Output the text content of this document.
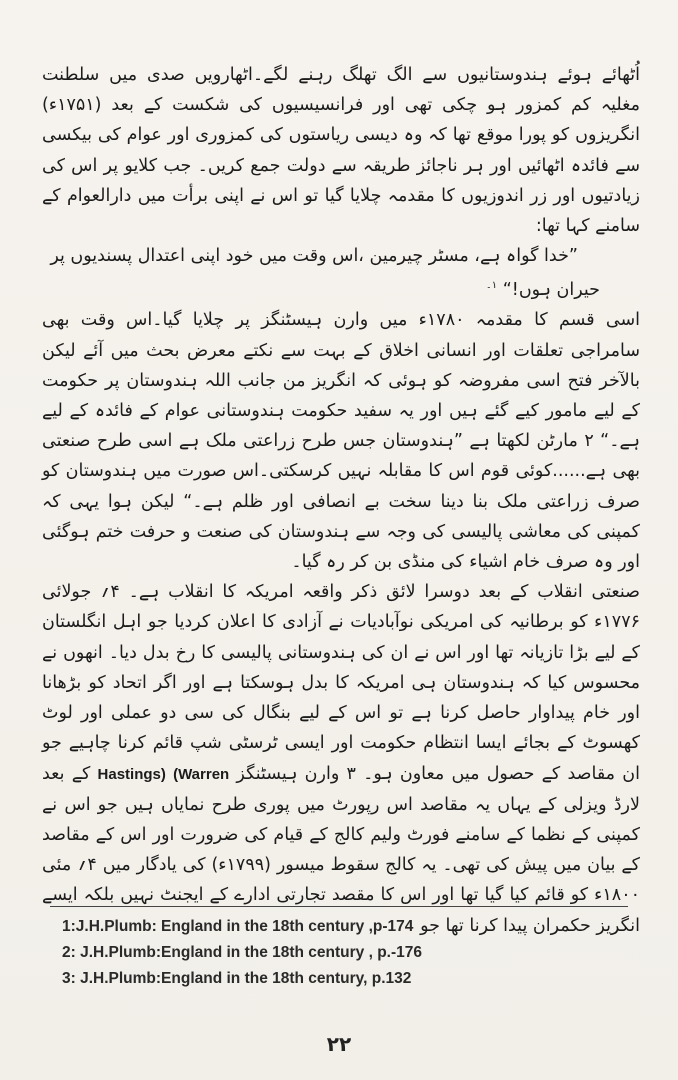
اُٹھائے ہوئے ہندوستانیوں سے الگ تھلگ رہنے لگے۔اٹھارویں صدی میں سلطنت مغلیہ کم کمزور ہو چکی تھی اور فرانسیسیوں کی شکست کے بعد (۱۷۵۱ء) انگریزوں کو پورا موقع تھا کہ وہ دیسی ریاستوں کی کمزوری اور عوام کی بیکسی سے فائدہ اٹھائیں اور ہر ناجائز طریقہ سے دولت جمع کریں۔ جب کلایو پر اس کی زیادتیوں اور زر اندوزیوں کا مقدمہ چلایا گیا تو اس نے اپنی برأت میں دارالعوام کے سامنے کہا تھا:

”خدا گواہ ہے، مسٹر چیرمین ،اس وقت میں خود اپنی اعتدال پسندیوں پر

حیران ہوں!“ $^{۱۔}$

اسی قسم کا مقدمہ ۱۷۸۰ء میں وارن ہیسٹنگز پر چلایا گیا۔اس وقت بھی سامراجی تعلقات اور انسانی اخلاق کے بہت سے نکتے معرض بحث میں آئے لیکن بالآخر فتح اسی مفروضہ کو ہوئی کہ انگریز من جانب اللہ ہندوستان پر حکومت کے لیے مامور کیے گئے ہیں اور یہ سفید حکومت ہندوستانی عوام کے فائدہ کے لیے ہے۔“ ۲ مارٹن لکھتا ہے ”ہندوستان جس طرح زراعتی ملک ہے اسی طرح صنعتی بھی ہے......کوئی قوم اس کا مقابلہ نہیں کرسکتی۔اس صورت میں ہندوستان کو صرف زراعتی ملک بنا دینا سخت بے انصافی اور ظلم ہے۔“ لیکن ہوا یہی کہ کمپنی کی معاشی پالیسی کی وجہ سے ہندوستان کی صنعت و حرفت ختم ہوگئی اور وہ صرف خام اشیاء کی منڈی بن کر رہ گیا۔

صنعتی انقلاب کے بعد دوسرا لائق ذکر واقعہ امریکہ کا انقلاب ہے۔ ۴؍ جولائی ۱۷۷۶ء کو برطانیہ کی امریکی نوآبادیات نے آزادی کا اعلان کردیا جو اہل انگلستان کے لیے بڑا تازیانہ تھا اور اس نے ان کی ہندوستانی پالیسی کا رخ بدل دیا۔ انھوں نے محسوس کیا کہ ہندوستان ہی امریکہ کا بدل ہوسکتا ہے اور اگر اتحاد کو بڑھانا اور خام پیداوار حاصل کرنا ہے تو اس کے لیے بنگال کی سی دو عملی اور لوٹ کھسوٹ کے بجائے ایسا انتظام حکومت اور ایسی ٹرسٹی شپ قائم کرنا چاہیے جو ان مقاصد کے حصول میں معاون ہو۔ ۳ وارن ہیسٹنگز (Warren Hastings) کے بعد لارڈ ویزلی کے یہاں یہ مقاصد اس رپورٹ میں پوری طرح نمایاں ہیں جو اس نے کمپنی کے نظما کے سامنے فورٹ ولیم کالج کے قیام کی ضرورت اور اس کے مقاصد کے بیان میں پیش کی تھی۔ یہ کالج سقوط میسور (۱۷۹۹ء) کی یادگار میں ۴؍ مئی ۱۸۰۰ء کو قائم کیا گیا تھا اور اس کا مقصد تجارتی ادارے کے ایجنٹ نہیں بلکہ ایسے انگریز حکمران پیدا کرنا تھا جو

1:J.H.Plumb: England in the 18th century ,p-174
2: J.H.Plumb:England in the 18th century , p.-176
3: J.H.Plumb:England in the 18th century, p.132
۲۲
